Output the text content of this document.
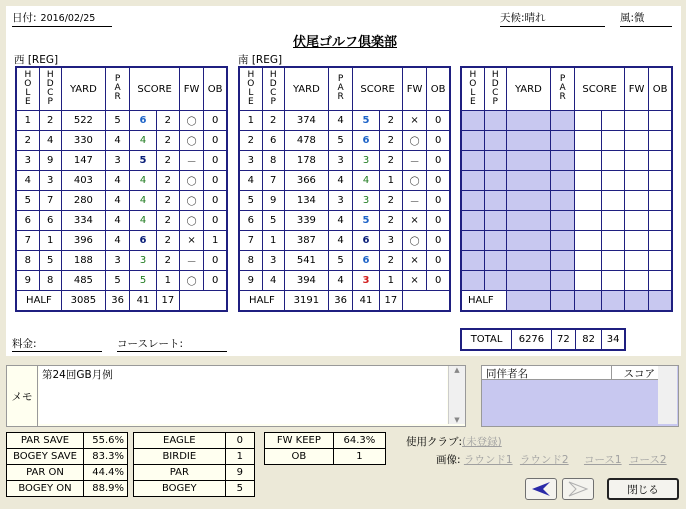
日付: 2016/02/25	天候:晴れ	風:微
伏尾ゴルフ倶楽部
西 [REG]	南 [REG]
HOLE	HDCP	YARD	PAR	SCORE		FW	OB
1	2	522	5	6	2	〇	0
2	4	330	4	4	2	〇	0
3	9	147	3	5	2	－	0
4	3	403	4	4	2	〇	0
5	7	280	4	4	2	〇	0
6	6	334	4	4	2	〇	0
7	1	396	4	6	2	×	1
8	5	188	3	3	2	－	0
9	8	485	5	5	1	〇	0
HALF		3085	36	41	17		
HOLE	HDCP	YARD	PAR	SCORE		FW	OB
1	2	374	4	5	2	×	0
2	6	478	5	6	2	〇	0
3	8	178	3	3	2	－	0
4	7	366	4	4	1	〇	0
5	9	134	3	3	2	－	0
6	5	339	4	5	2	×	0
7	1	387	4	6	3	〇	0
8	3	541	5	6	2	×	0
9	4	394	4	3	1	×	0
HALF		3191	36	41	17		
HOLE	HDCP	YARD	PAR	SCORE		FW	OB

HALF							
TOTAL	6276	72	82	34
料金:	コースレート:
メモ
第24回GB月例	▲
▼
同伴者名	スコア
PAR SAVE	55.6%
BOGEY SAVE	83.3%
PAR ON	44.4%
BOGEY ON	88.9%
EAGLE	0
BIRDIE	1
PAR	9
BOGEY	5
FW KEEP	64.3%
OB	1
使用クラブ:(未登録)
画像: ラウンド1 ラウンド2 コース1 コース2
閉じる
